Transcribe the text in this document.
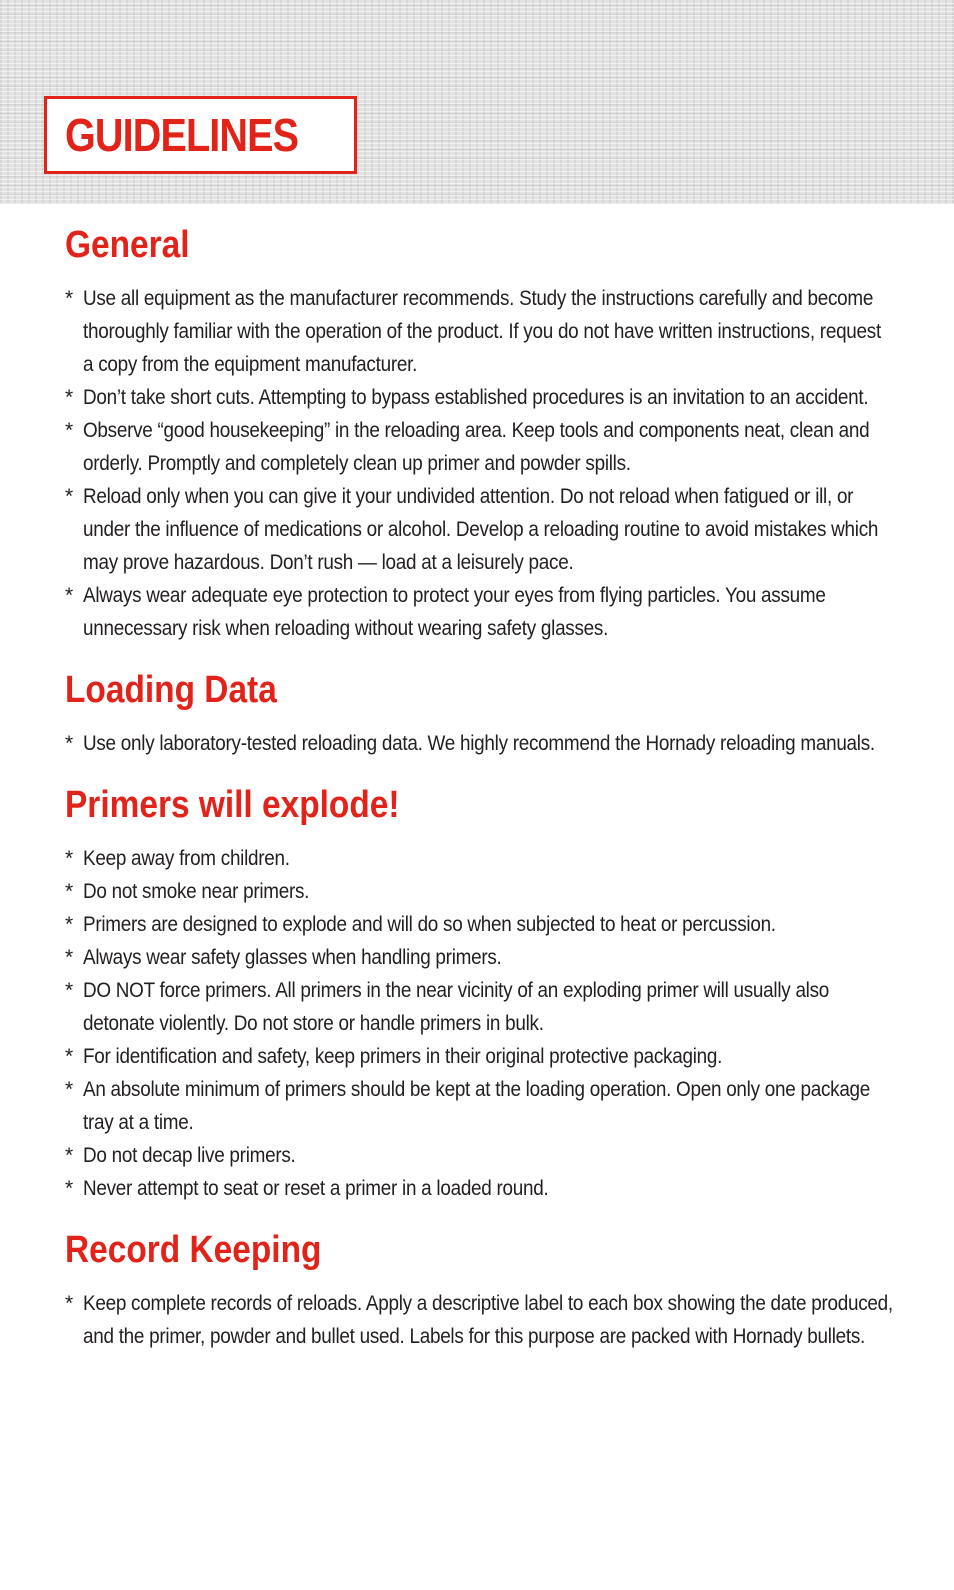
GUIDELINES
General
* Use all equipment as the manufacturer recommends. Study the instructions carefully and become thoroughly familiar with the operation of the product. If you do not have written instructions, request a copy from the equipment manufacturer.
* Don’t take short cuts. Attempting to bypass established procedures is an invitation to an accident.
* Observe “good housekeeping” in the reloading area. Keep tools and components neat, clean and orderly. Promptly and completely clean up primer and powder spills.
* Reload only when you can give it your undivided attention. Do not reload when fatigued or ill, or under the influence of medications or alcohol. Develop a reloading routine to avoid mistakes which may prove hazardous. Don’t rush — load at a leisurely pace.
* Always wear adequate eye protection to protect your eyes from flying particles. You assume unnecessary risk when reloading without wearing safety glasses.
Loading Data
* Use only laboratory-tested reloading data. We highly recommend the Hornady reloading manuals.
Primers will explode!
* Keep away from children.
* Do not smoke near primers.
* Primers are designed to explode and will do so when subjected to heat or percussion.
* Always wear safety glasses when handling primers.
* DO NOT force primers. All primers in the near vicinity of an exploding primer will usually also detonate violently. Do not store or handle primers in bulk.
* For identification and safety, keep primers in their original protective packaging.
* An absolute minimum of primers should be kept at the loading operation. Open only one package tray at a time.
* Do not decap live primers.
* Never attempt to seat or reset a primer in a loaded round.
Record Keeping
* Keep complete records of reloads. Apply a descriptive label to each box showing the date produced, and the primer, powder and bullet used. Labels for this purpose are packed with Hornady bullets.
